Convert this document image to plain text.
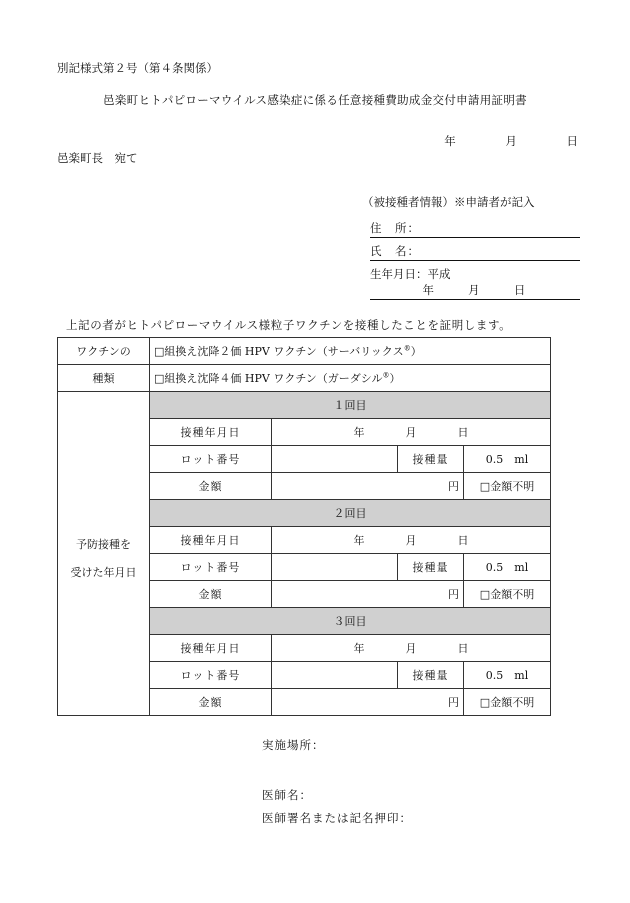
別記様式第２号（第４条関係）
邑楽町ヒトパピローマウイルス感染症に係る任意接種費助成金交付申請用証明書
年	月	日
邑楽町長　宛て
（被接種者情報）※申請者が記入
住　所：
氏　名：
生年月日：平成 年	月	日
上記の者がヒトパピローマウイルス様粒子ワクチンを接種したことを証明します。
ワクチンの	□組換え沈降２価 HPV ワクチン（サーバリックス®）			
種類	□組換え沈降４価 HPV ワクチン（ガーダシル®）			

予防接種を
受けた年月日	１回目			
	接種年月日	年 月 日		
	ロット番号		接種量	0.5　ml
	金額	円		□金額不明
	２回目			
	接種年月日	年 月 日		
	ロット番号		接種量	0.5　ml
	金額	円		□金額不明
	３回目			
	接種年月日	年 月 日		
	ロット番号		接種量	0.5　ml
	金額	円		□金額不明
実施場所：
医師名：
医師署名または記名押印：
